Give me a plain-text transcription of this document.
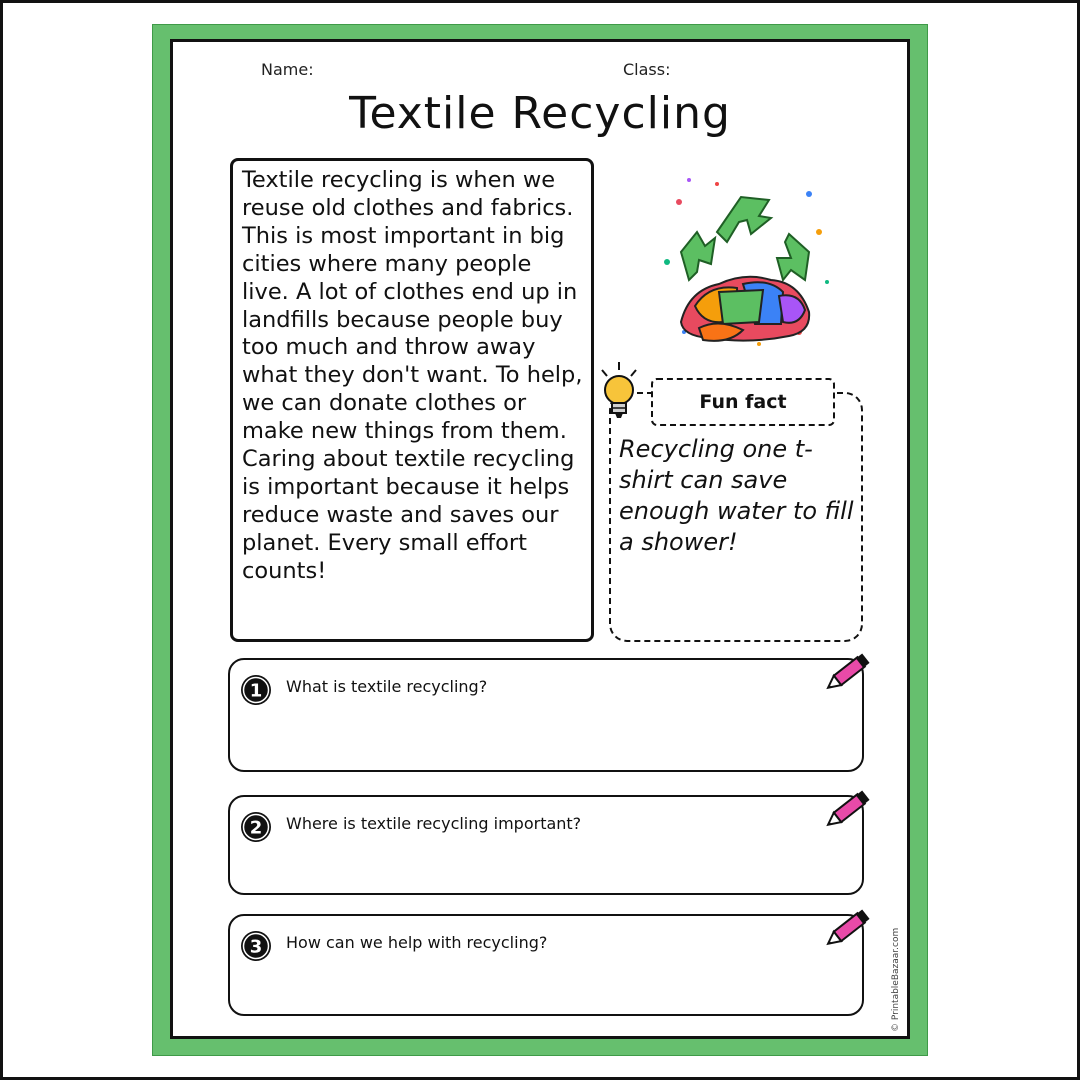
Name:	Class:
Textile Recycling
Textile recycling is when we reuse old clothes and fabrics. This is most important in big cities where many people live. A lot of clothes end up in landfills because people buy too much and throw away what they don't want. To help, we can donate clothes or make new things from them. Caring about textile recycling is important because it helps reduce waste and saves our planet. Every small effort counts!
Fun fact
Recycling one t-shirt can save enough water to fill a shower!
1 What is textile recycling?
2 Where is textile recycling important?
3 How can we help with recycling?	© PrintableBazaar.com
